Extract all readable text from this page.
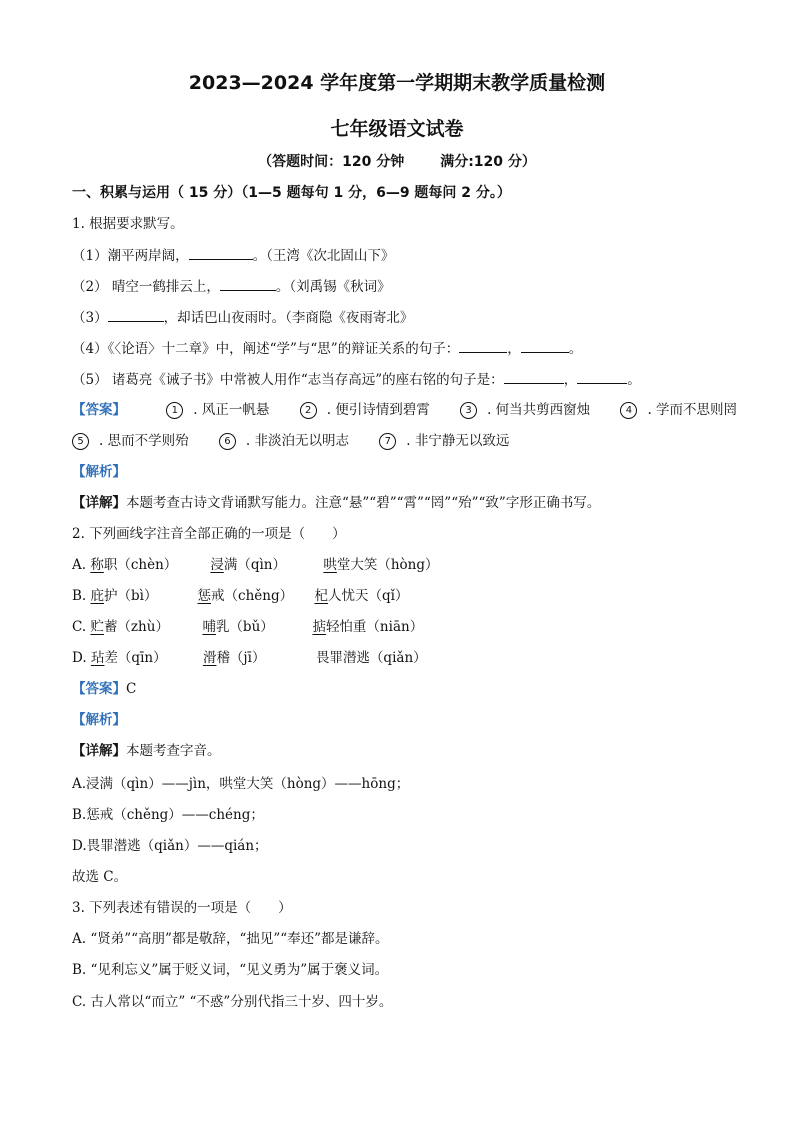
2023—2024 学年度第一学期期末教学质量检测
七年级语文试卷
（答题时间：120 分钟	满分:120 分）
一、积累与运用（ 15 分）（1—5 题每句 1 分，6—9 题每问 2 分。）
1. 根据要求默写。
（1）潮平两岸阔，	。（王湾《次北固山下》
（2） 晴空一鹤排云上，	。（刘禹锡《秋词》
（3）	，却话巴山夜雨时。（李商隐《夜雨寄北》
（4）《〈论语〉十二章》中，阐述“学”与“思”的辩证关系的句子：	，	。
（5） 诸葛亮《诫子书》中常被人用作“志当存高远”的座右铭的句子是：	，	。
【答案】	1 . 风正一帆悬	2 . 便引诗情到碧霄	3 . 何当共剪西窗烛	4 . 学而不思则罔
5 . 思而不学则殆	6 . 非淡泊无以明志	7 . 非宁静无以致远
【解析】
【详解】本题考查古诗文背诵默写能力。注意“悬”“碧”“霄”“罔”“殆”“致”字形正确书写。
2. 下列画线字注音全部正确的一项是（　　）
A. 称职（chèn） 浸满（qìn）	哄堂大笑（hòng）
B. 庇护（bì）	惩戒（chěng） 杞人忧天（qǐ）
C. 贮蓄（zhù） 哺乳（bǔ）	掂轻怕重（niān）
D. 玷差（qīn）	滑稽（jī）	畏罪潜逃（qiǎn）
【答案】C
【解析】
【详解】本题考查字音。
A.浸满（qìn）——jìn，哄堂大笑（hòng）——hōng；
B.惩戒（chěng）——chéng；
D.畏罪潜逃（qiǎn）——qián；
故选 C。
3. 下列表述有错误的一项是（　　）
A. “贤弟”“高朋”都是敬辞，“拙见”“奉还”都是谦辞。
B. “见利忘义”属于贬义词，“见义勇为”属于褒义词。
C. 古人常以“而立” “不惑”分别代指三十岁、四十岁。
